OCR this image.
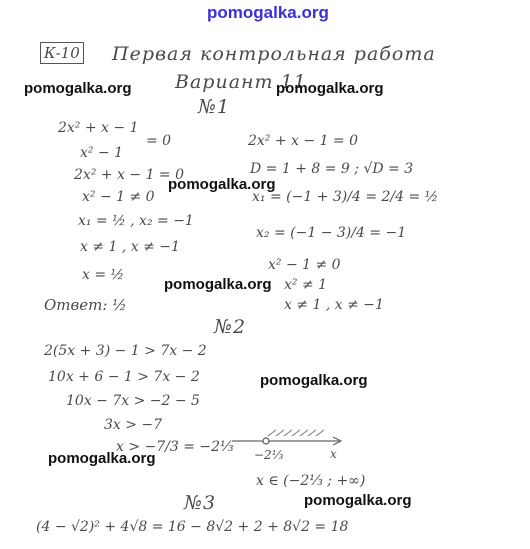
pomogalka.org
К-10 Первая контрольная работа
Вариант 11
№1
2x² + x − 1
x² − 1
= 0
2x² + x − 1 = 0
x² − 1 ≠ 0
x₁ = ½ , x₂ = −1
x ≠ 1 , x ≠ −1
x = ½
Ответ: ½
2x² + x − 1 = 0
D = 1 + 8 = 9 ; √D = 3
x₁ = (−1 + 3)/4 = 2/4 = ½
x₂ = (−1 − 3)/4 = −1
x² − 1 ≠ 0
x² ≠ 1
x ≠ 1 , x ≠ −1
№2
2(5x + 3) − 1 > 7x − 2
10x + 6 − 1 > 7x − 2
10x − 7x > −2 − 5
3x > −7
x > −7/3 = −2⅓ −2⅓	x
x ∈ (−2⅓ ; +∞)
№3
(4 − √2)² + 4√8 = 16 − 8√2 + 2 + 8√2 = 18
pomogalka.org	pomogalka.org
pomogalka.org
pomogalka.org
pomogalka.org
pomogalka.org
pomogalka.org
